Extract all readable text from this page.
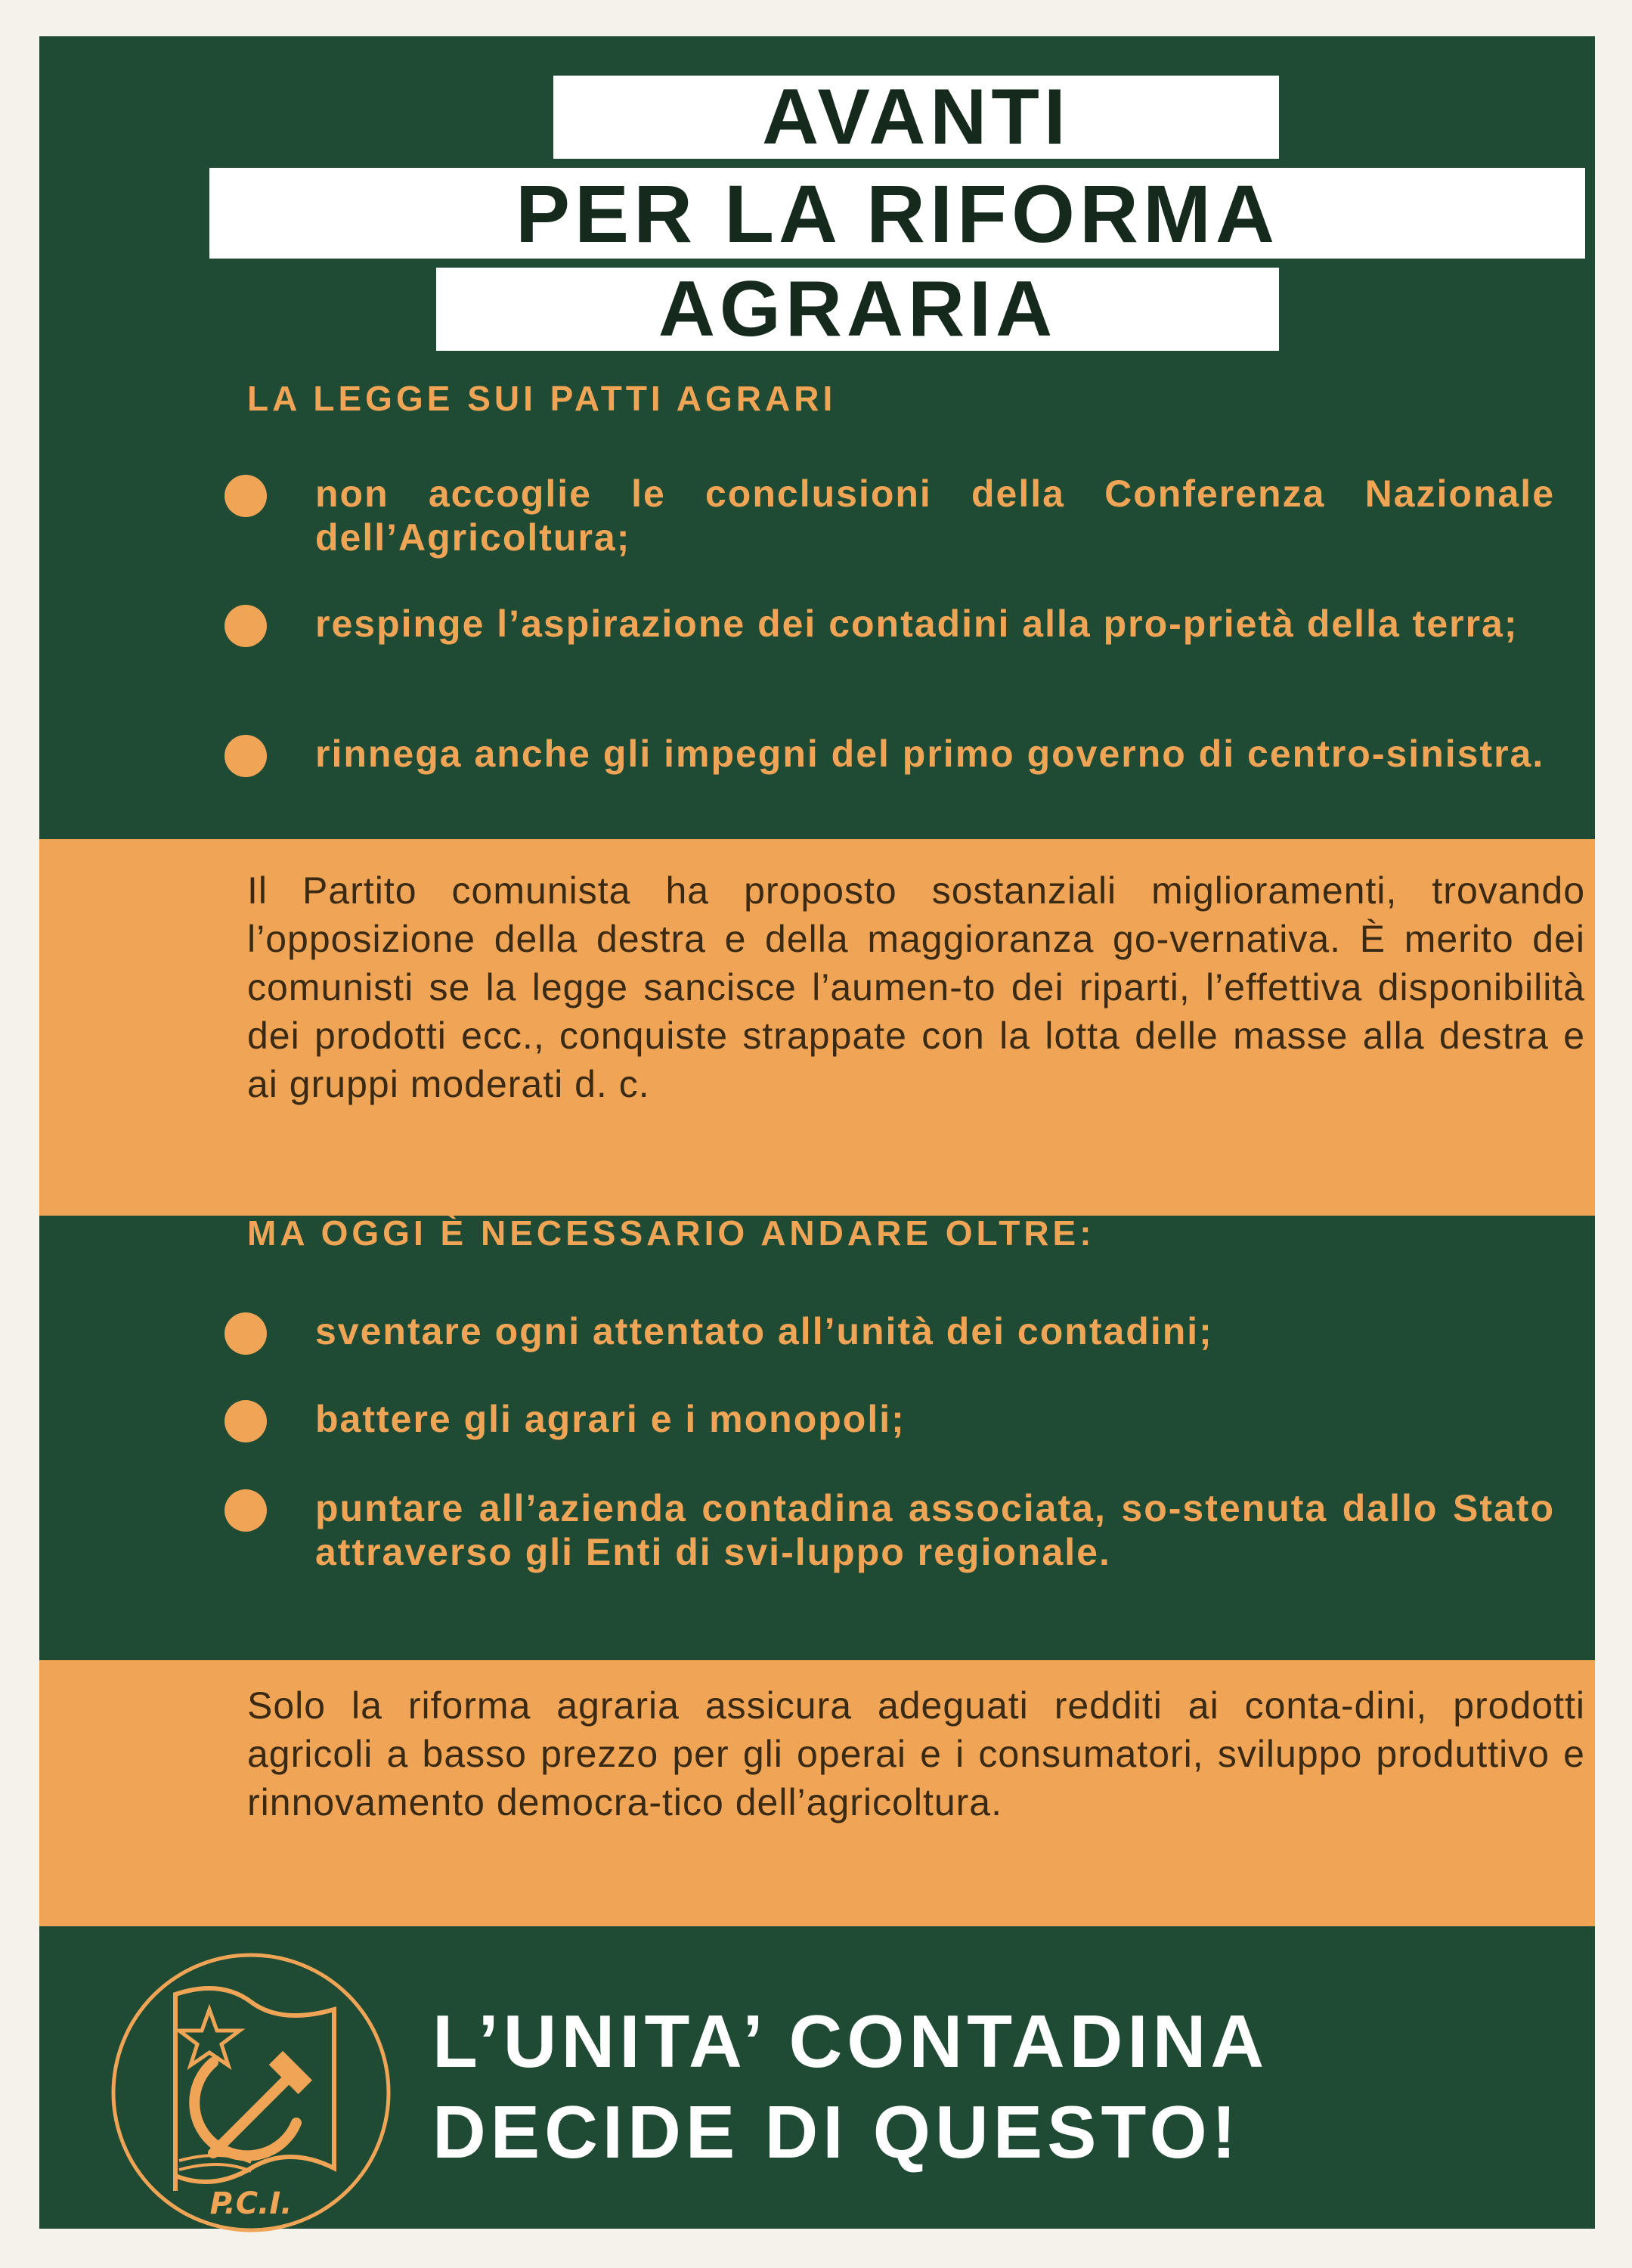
AVANTI
PER LA RIFORMA
AGRARIA
LA LEGGE SUI PATTI AGRARI
non accoglie le conclusioni della Conferenza Nazionale dell’Agricoltura;
respinge l’aspirazione dei contadini alla pro-prietà della terra;
rinnega anche gli impegni del primo governo di centro-sinistra.
Il Partito comunista ha proposto sostanziali miglioramenti, trovando l’opposizione della destra e della maggioranza go-vernativa. È merito dei comunisti se la legge sancisce l’aumen-to dei riparti, l’effettiva disponibilità dei prodotti ecc., conquiste strappate con la lotta delle masse alla destra e ai gruppi moderati d. c.
MA OGGI È NECESSARIO ANDARE OLTRE:
sventare ogni attentato all’unità dei contadini;
battere gli agrari e i monopoli;
puntare all’azienda contadina associata, so-stenuta dallo Stato attraverso gli Enti di svi-luppo regionale.
Solo la riforma agraria assicura adeguati redditi ai conta-dini, prodotti agricoli a basso prezzo per gli operai e i consumatori, sviluppo produttivo e rinnovamento democra-tico dell’agricoltura.
P.C.I.
L’UNITA’ CONTADINA
DECIDE DI QUESTO!
